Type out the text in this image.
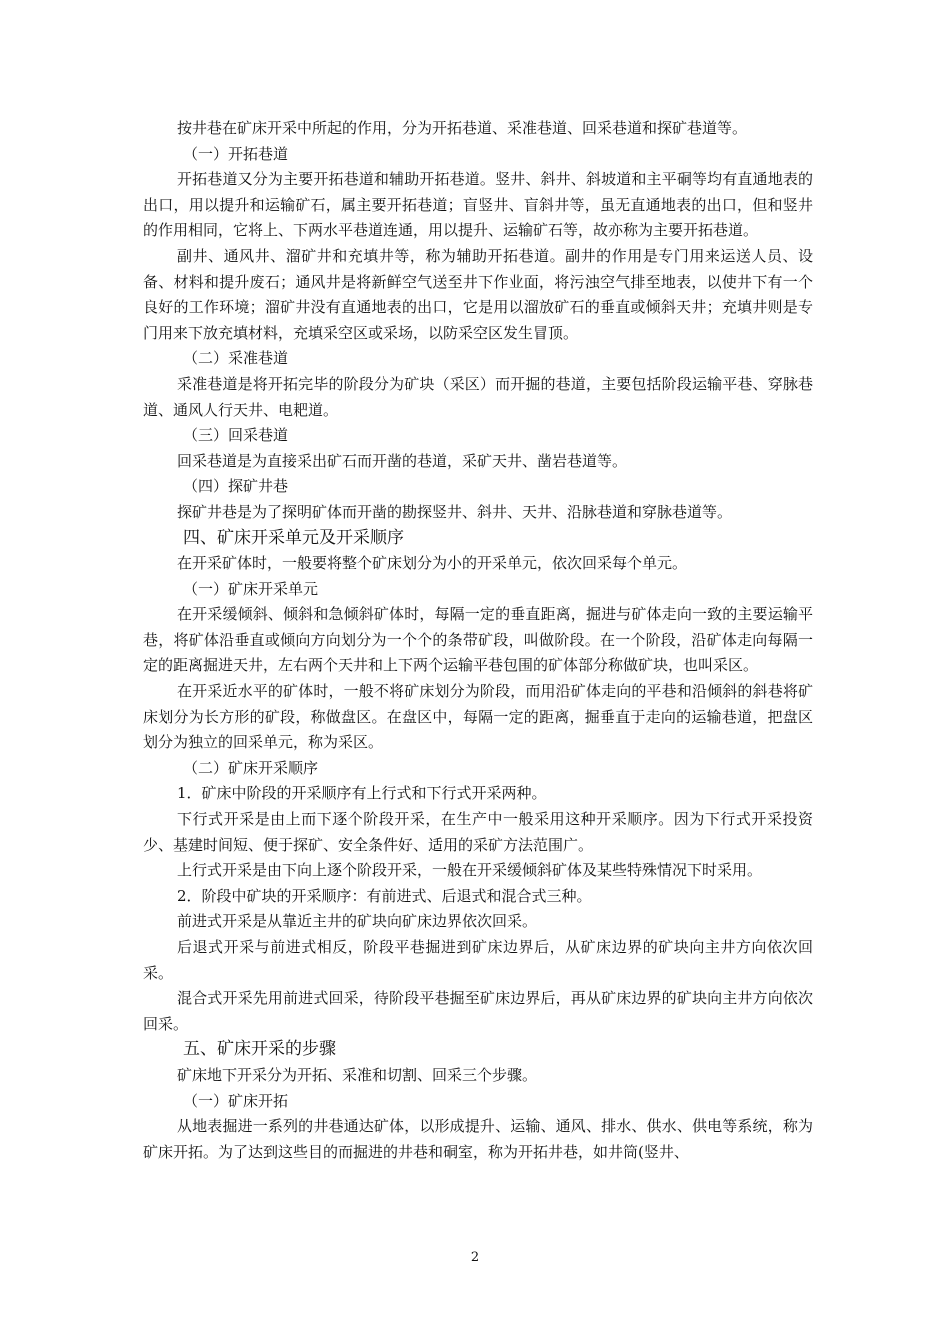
按井巷在矿床开采中所起的作用，分为开拓巷道、采准巷道、回采巷道和探矿巷道等。

（一）开拓巷道

开拓巷道又分为主要开拓巷道和辅助开拓巷道。竖井、斜井、斜坡道和主平硐等均有直通地表的出口，用以提升和运输矿石，属主要开拓巷道；盲竖井、盲斜井等，虽无直通地表的出口，但和竖井的作用相同，它将上、下两水平巷道连通，用以提升、运输矿石等，故亦称为主要开拓巷道。

副井、通风井、溜矿井和充填井等，称为辅助开拓巷道。副井的作用是专门用来运送人员、设备、材料和提升废石；通风井是将新鲜空气送至井下作业面，将污浊空气排至地表，以使井下有一个良好的工作环境；溜矿井没有直通地表的出口，它是用以溜放矿石的垂直或倾斜天井；充填井则是专门用来下放充填材料，充填采空区或采场，以防采空区发生冒顶。

（二）采准巷道

采准巷道是将开拓完毕的阶段分为矿块（采区）而开掘的巷道，主要包括阶段运输平巷、穿脉巷道、通风人行天井、电耙道。

（三）回采巷道

回采巷道是为直接采出矿石而开凿的巷道，采矿天井、凿岩巷道等。

（四）探矿井巷

探矿井巷是为了探明矿体而开凿的勘探竖井、斜井、天井、沿脉巷道和穿脉巷道等。

四、矿床开采单元及开采顺序

在开采矿体时，一般要将整个矿床划分为小的开采单元，依次回采每个单元。

（一）矿床开采单元

在开采缓倾斜、倾斜和急倾斜矿体时，每隔一定的垂直距离，掘进与矿体走向一致的主要运输平巷，将矿体沿垂直或倾向方向划分为一个个的条带矿段，叫做阶段。在一个阶段，沿矿体走向每隔一定的距离掘进天井，左右两个天井和上下两个运输平巷包围的矿体部分称做矿块，也叫采区。

在开采近水平的矿体时，一般不将矿床划分为阶段，而用沿矿体走向的平巷和沿倾斜的斜巷将矿床划分为长方形的矿段，称做盘区。在盘区中，每隔一定的距离，掘垂直于走向的运输巷道，把盘区划分为独立的回采单元，称为采区。

（二）矿床开采顺序

1．矿床中阶段的开采顺序有上行式和下行式开采两种。

下行式开采是由上而下逐个阶段开采，在生产中一般采用这种开采顺序。因为下行式开采投资少、基建时间短、便于探矿、安全条件好、适用的采矿方法范围广。

上行式开采是由下向上逐个阶段开采，一般在开采缓倾斜矿体及某些特殊情况下时采用。

2．阶段中矿块的开采顺序：有前进式、后退式和混合式三种。

前进式开采是从靠近主井的矿块向矿床边界依次回采。

后退式开采与前进式相反，阶段平巷掘进到矿床边界后，从矿床边界的矿块向主井方向依次回采。

混合式开采先用前进式回采，待阶段平巷掘至矿床边界后，再从矿床边界的矿块向主井方向依次回采。

五、矿床开采的步骤

矿床地下开采分为开拓、采准和切割、回采三个步骤。

（一）矿床开拓

从地表掘进一系列的井巷通达矿体，以形成提升、运输、通风、排水、供水、供电等系统，称为矿床开拓。为了达到这些目的而掘进的井巷和硐室，称为开拓井巷，如井筒(竖井、

2
